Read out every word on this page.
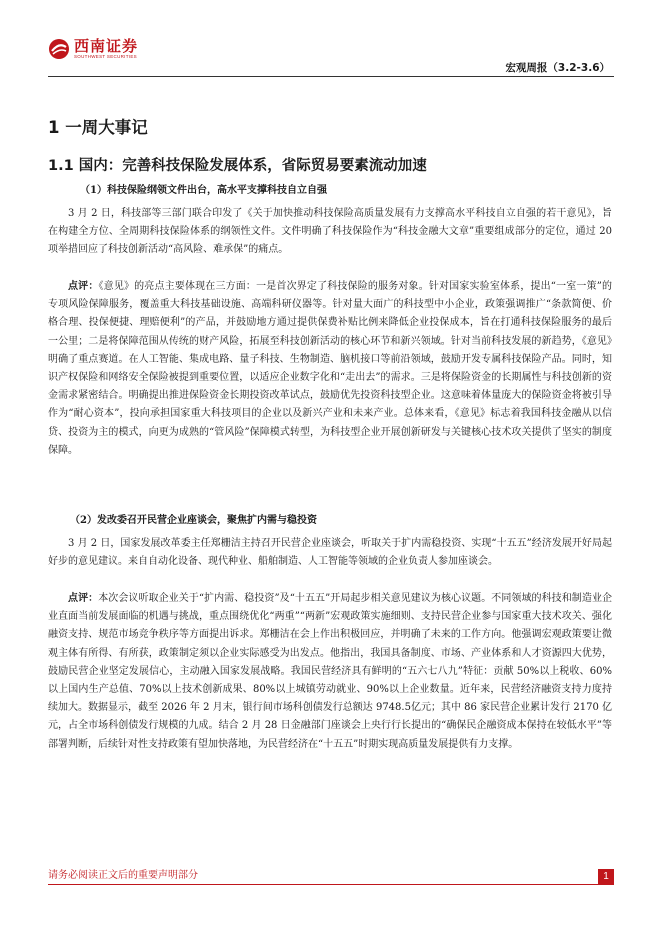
西南证券
SOUTHWEST SECURITIES
宏观周报（3.2-3.6）
1 一周大事记
1.1 国内：完善科技保险发展体系，省际贸易要素流动加速
（1）科技保险纲领文件出台，高水平支撑科技自立自强

3 月 2 日，科技部等三部门联合印发了《关于加快推动科技保险高质量发展有力支撑高水平科技自立自强的若干意见》，旨在构建全方位、全周期科技保险体系的纲领性文件。文件明确了科技保险作为“科技金融大文章”重要组成部分的定位，通过 20 项举措回应了科技创新活动“高风险、难承保”的痛点。

点评：《意见》的亮点主要体现在三方面：一是首次界定了科技保险的服务对象。针对国家实验室体系，提出“一室一策”的专项风险保障服务，覆盖重大科技基础设施、高端科研仪器等。针对量大面广的科技型中小企业，政策强调推广“条款简便、价格合理、投保便捷、理赔便利”的产品，并鼓励地方通过提供保费补贴比例来降低企业投保成本，旨在打通科技保险服务的最后一公里；二是将保障范围从传统的财产风险，拓展至科技创新活动的核心环节和新兴领域。针对当前科技发展的新趋势，《意见》明确了重点赛道。在人工智能、集成电路、量子科技、生物制造、脑机接口等前沿领域，鼓励开发专属科技保险产品。同时，知识产权保险和网络安全保险被提到重要位置，以适应企业数字化和“走出去”的需求。三是将保险资金的长期属性与科技创新的资金需求紧密结合。明确提出推进保险资金长期投资改革试点，鼓励优先投资科技型企业。这意味着体量庞大的保险资金将被引导作为“耐心资本”，投向承担国家重大科技项目的企业以及新兴产业和未来产业。总体来看，《意见》标志着我国科技金融从以信贷、投资为主的模式，向更为成熟的“管风险”保障模式转型，为科技型企业开展创新研发与关键核心技术攻关提供了坚实的制度保障。

（2）发改委召开民营企业座谈会，聚焦扩内需与稳投资

3 月 2 日，国家发展改革委主任郑栅洁主持召开民营企业座谈会，听取关于扩内需稳投资、实现“十五五”经济发展开好局起好步的意见建议。来自自动化设备、现代种业、船舶制造、人工智能等领域的企业负责人参加座谈会。

点评：本次会议听取企业关于“扩内需、稳投资”及“十五五”开局起步相关意见建议为核心议题。不同领域的科技和制造业企业直面当前发展面临的机遇与挑战，重点围绕优化“两重”“两新”宏观政策实施细则、支持民营企业参与国家重大技术攻关、强化融资支持、规范市场竞争秩序等方面提出诉求。郑栅洁在会上作出积极回应，并明确了未来的工作方向。他强调宏观政策要让微观主体有所得、有所获，政策制定须以企业实际感受为出发点。他指出，我国具备制度、市场、产业体系和人才资源四大优势，鼓励民营企业坚定发展信心，主动融入国家发展战略。我国民营经济具有鲜明的“五六七八九”特征：贡献 50%以上税收、60%以上国内生产总值、70%以上技术创新成果、80%以上城镇劳动就业、90%以上企业数量。近年来，民营经济融资支持力度持续加大。数据显示，截至 2026 年 2 月末，银行间市场科创债发行总额达 9748.5亿元；其中 86 家民营企业累计发行 2170 亿元，占全市场科创债发行规模的九成。结合 2 月 28 日金融部门座谈会上央行行长提出的“确保民企融资成本保持在较低水平”等部署判断，后续针对性支持政策有望加快落地，为民营经济在“十五五”时期实现高质量发展提供有力支撑。

请务必阅读正文后的重要声明部分	1
